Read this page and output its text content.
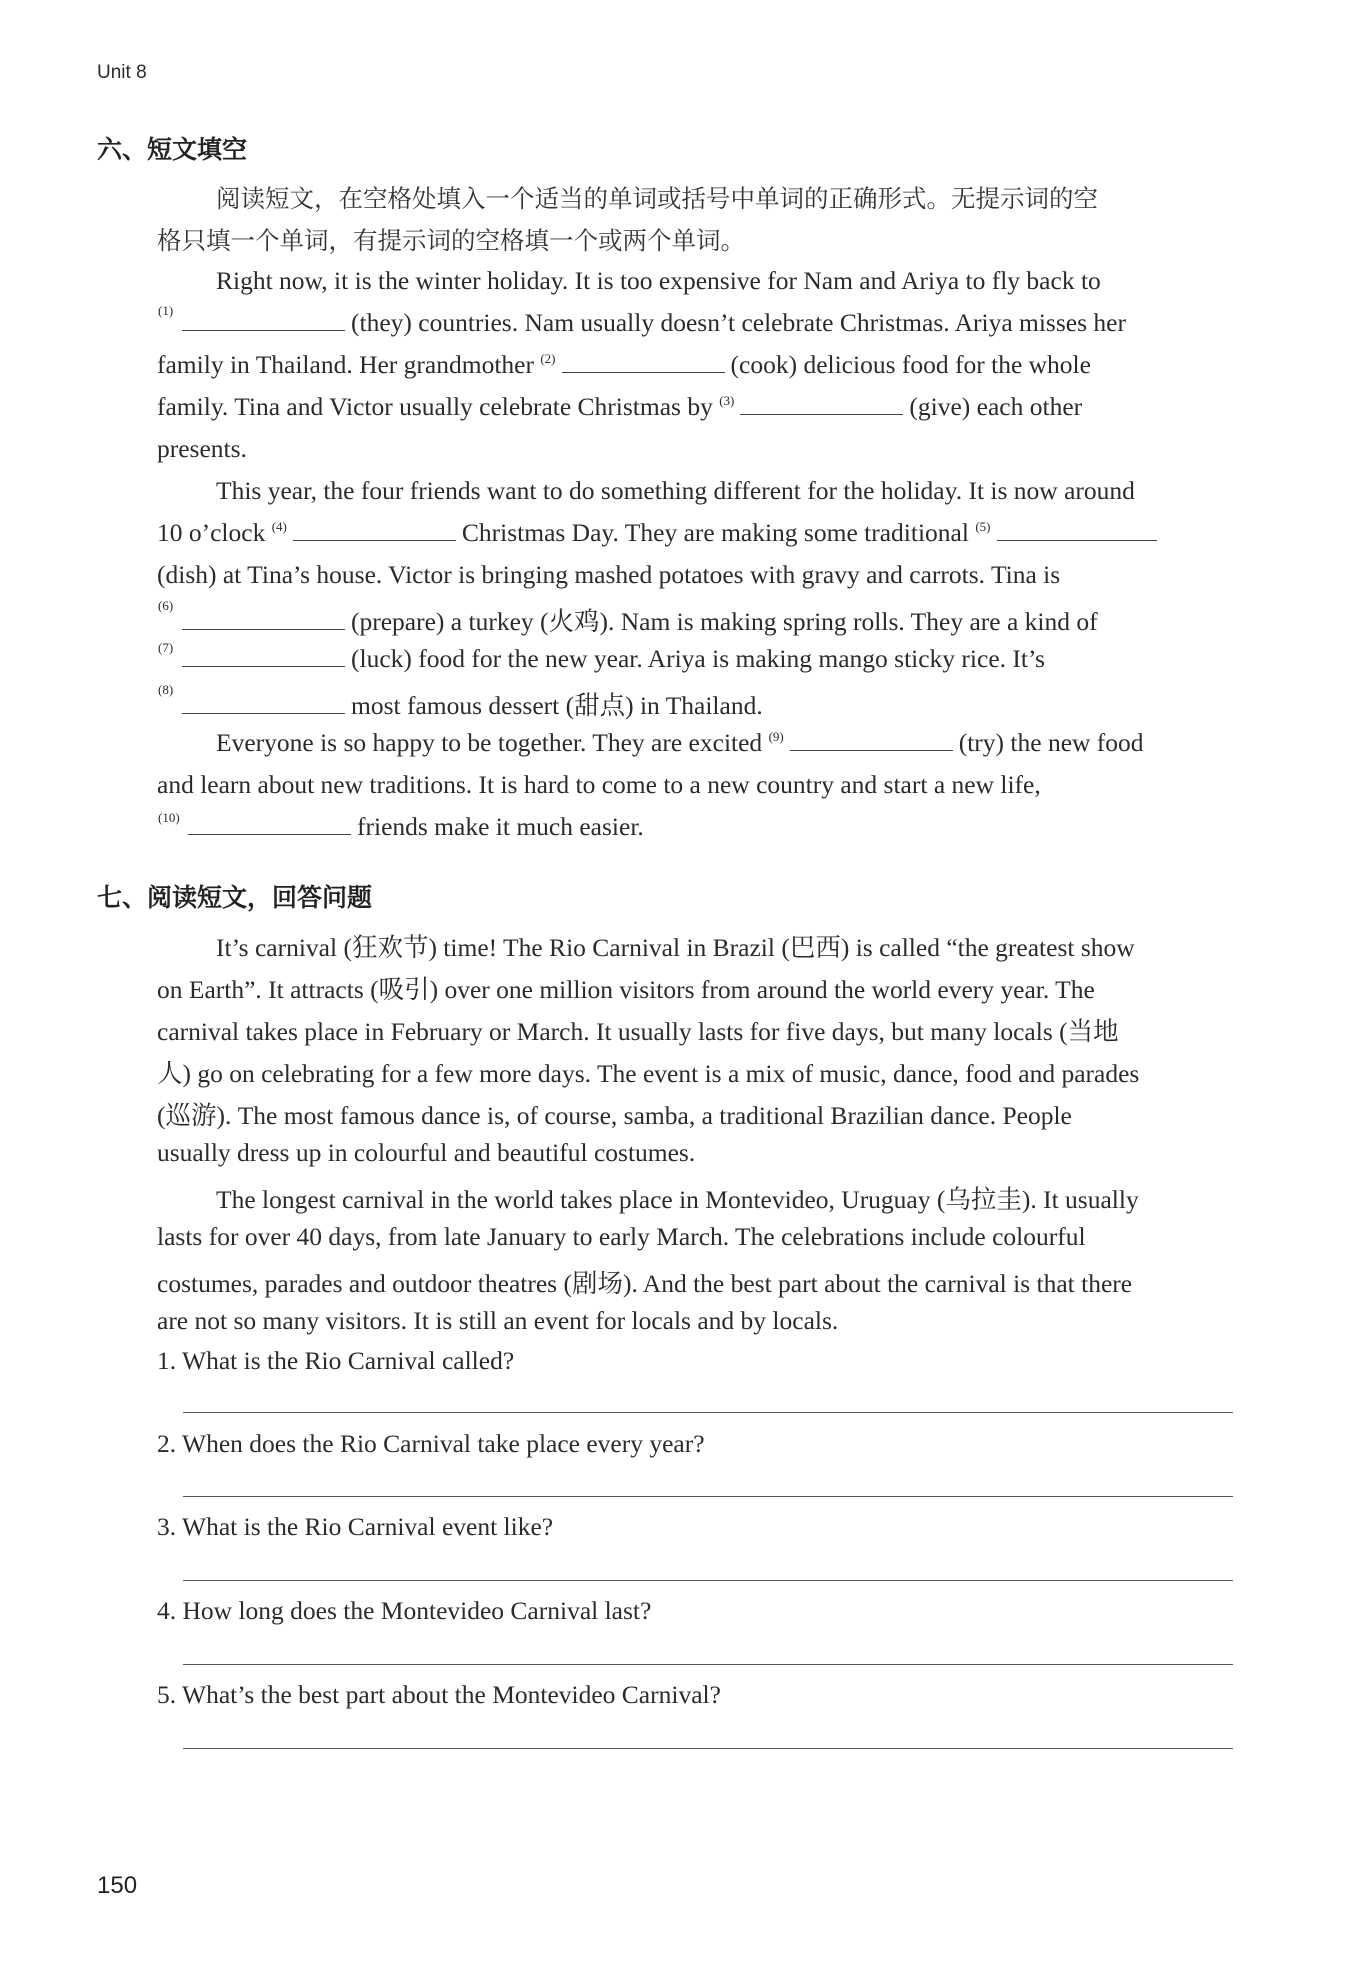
Unit 8
六、短文填空
阅读短文，在空格处填入一个适当的单词或括号中单词的正确形式。无提示词的空
格只填一个单词，有提示词的空格填一个或两个单词。
Right now, it is the winter holiday. It is too expensive for Nam and Ariya to fly back to
(1)	(they) countries. Nam usually doesn’t celebrate Christmas. Ariya misses her
family in Thailand. Her grandmother $^{(2)}$	(cook) delicious food for the whole
family. Tina and Victor usually celebrate Christmas by $^{(3)}$	(give) each other
presents.
This year, the four friends want to do something different for the holiday. It is now around
10 o’clock $^{(4)}$	Christmas Day. They are making some traditional $^{(5)}$
(dish) at Tina’s house. Victor is bringing mashed potatoes with gravy and carrots. Tina is
(6)
(prepare) a turkey (火鸡). Nam is making spring rolls. They are a kind of
(7)	(luck) food for the new year. Ariya is making mango sticky rice. It’s
(8)
most famous dessert (甜点) in Thailand.
Everyone is so happy to be together. They are excited $^{(9)}$	(try) the new food
and learn about new traditions. It is hard to come to a new country and start a new life,
(10)	friends make it much easier.
七、阅读短文，回答问题
It’s carnival (狂欢节) time! The Rio Carnival in Brazil (巴西) is called “the greatest show
on Earth”. It attracts (吸引) over one million visitors from around the world every year. The
carnival takes place in February or March. It usually lasts for five days, but many locals (当地
人) go on celebrating for a few more days. The event is a mix of music, dance, food and parades
(巡游). The most famous dance is, of course, samba, a traditional Brazilian dance. People
usually dress up in colourful and beautiful costumes.
The longest carnival in the world takes place in Montevideo, Uruguay (乌拉圭). It usually
lasts for over 40 days, from late January to early March. The celebrations include colourful
costumes, parades and outdoor theatres (剧场). And the best part about the carnival is that there
are not so many visitors. It is still an event for locals and by locals.
1. What is the Rio Carnival called?
2. When does the Rio Carnival take place every year?
3. What is the Rio Carnival event like?
4. How long does the Montevideo Carnival last?
5. What’s the best part about the Montevideo Carnival?
150
